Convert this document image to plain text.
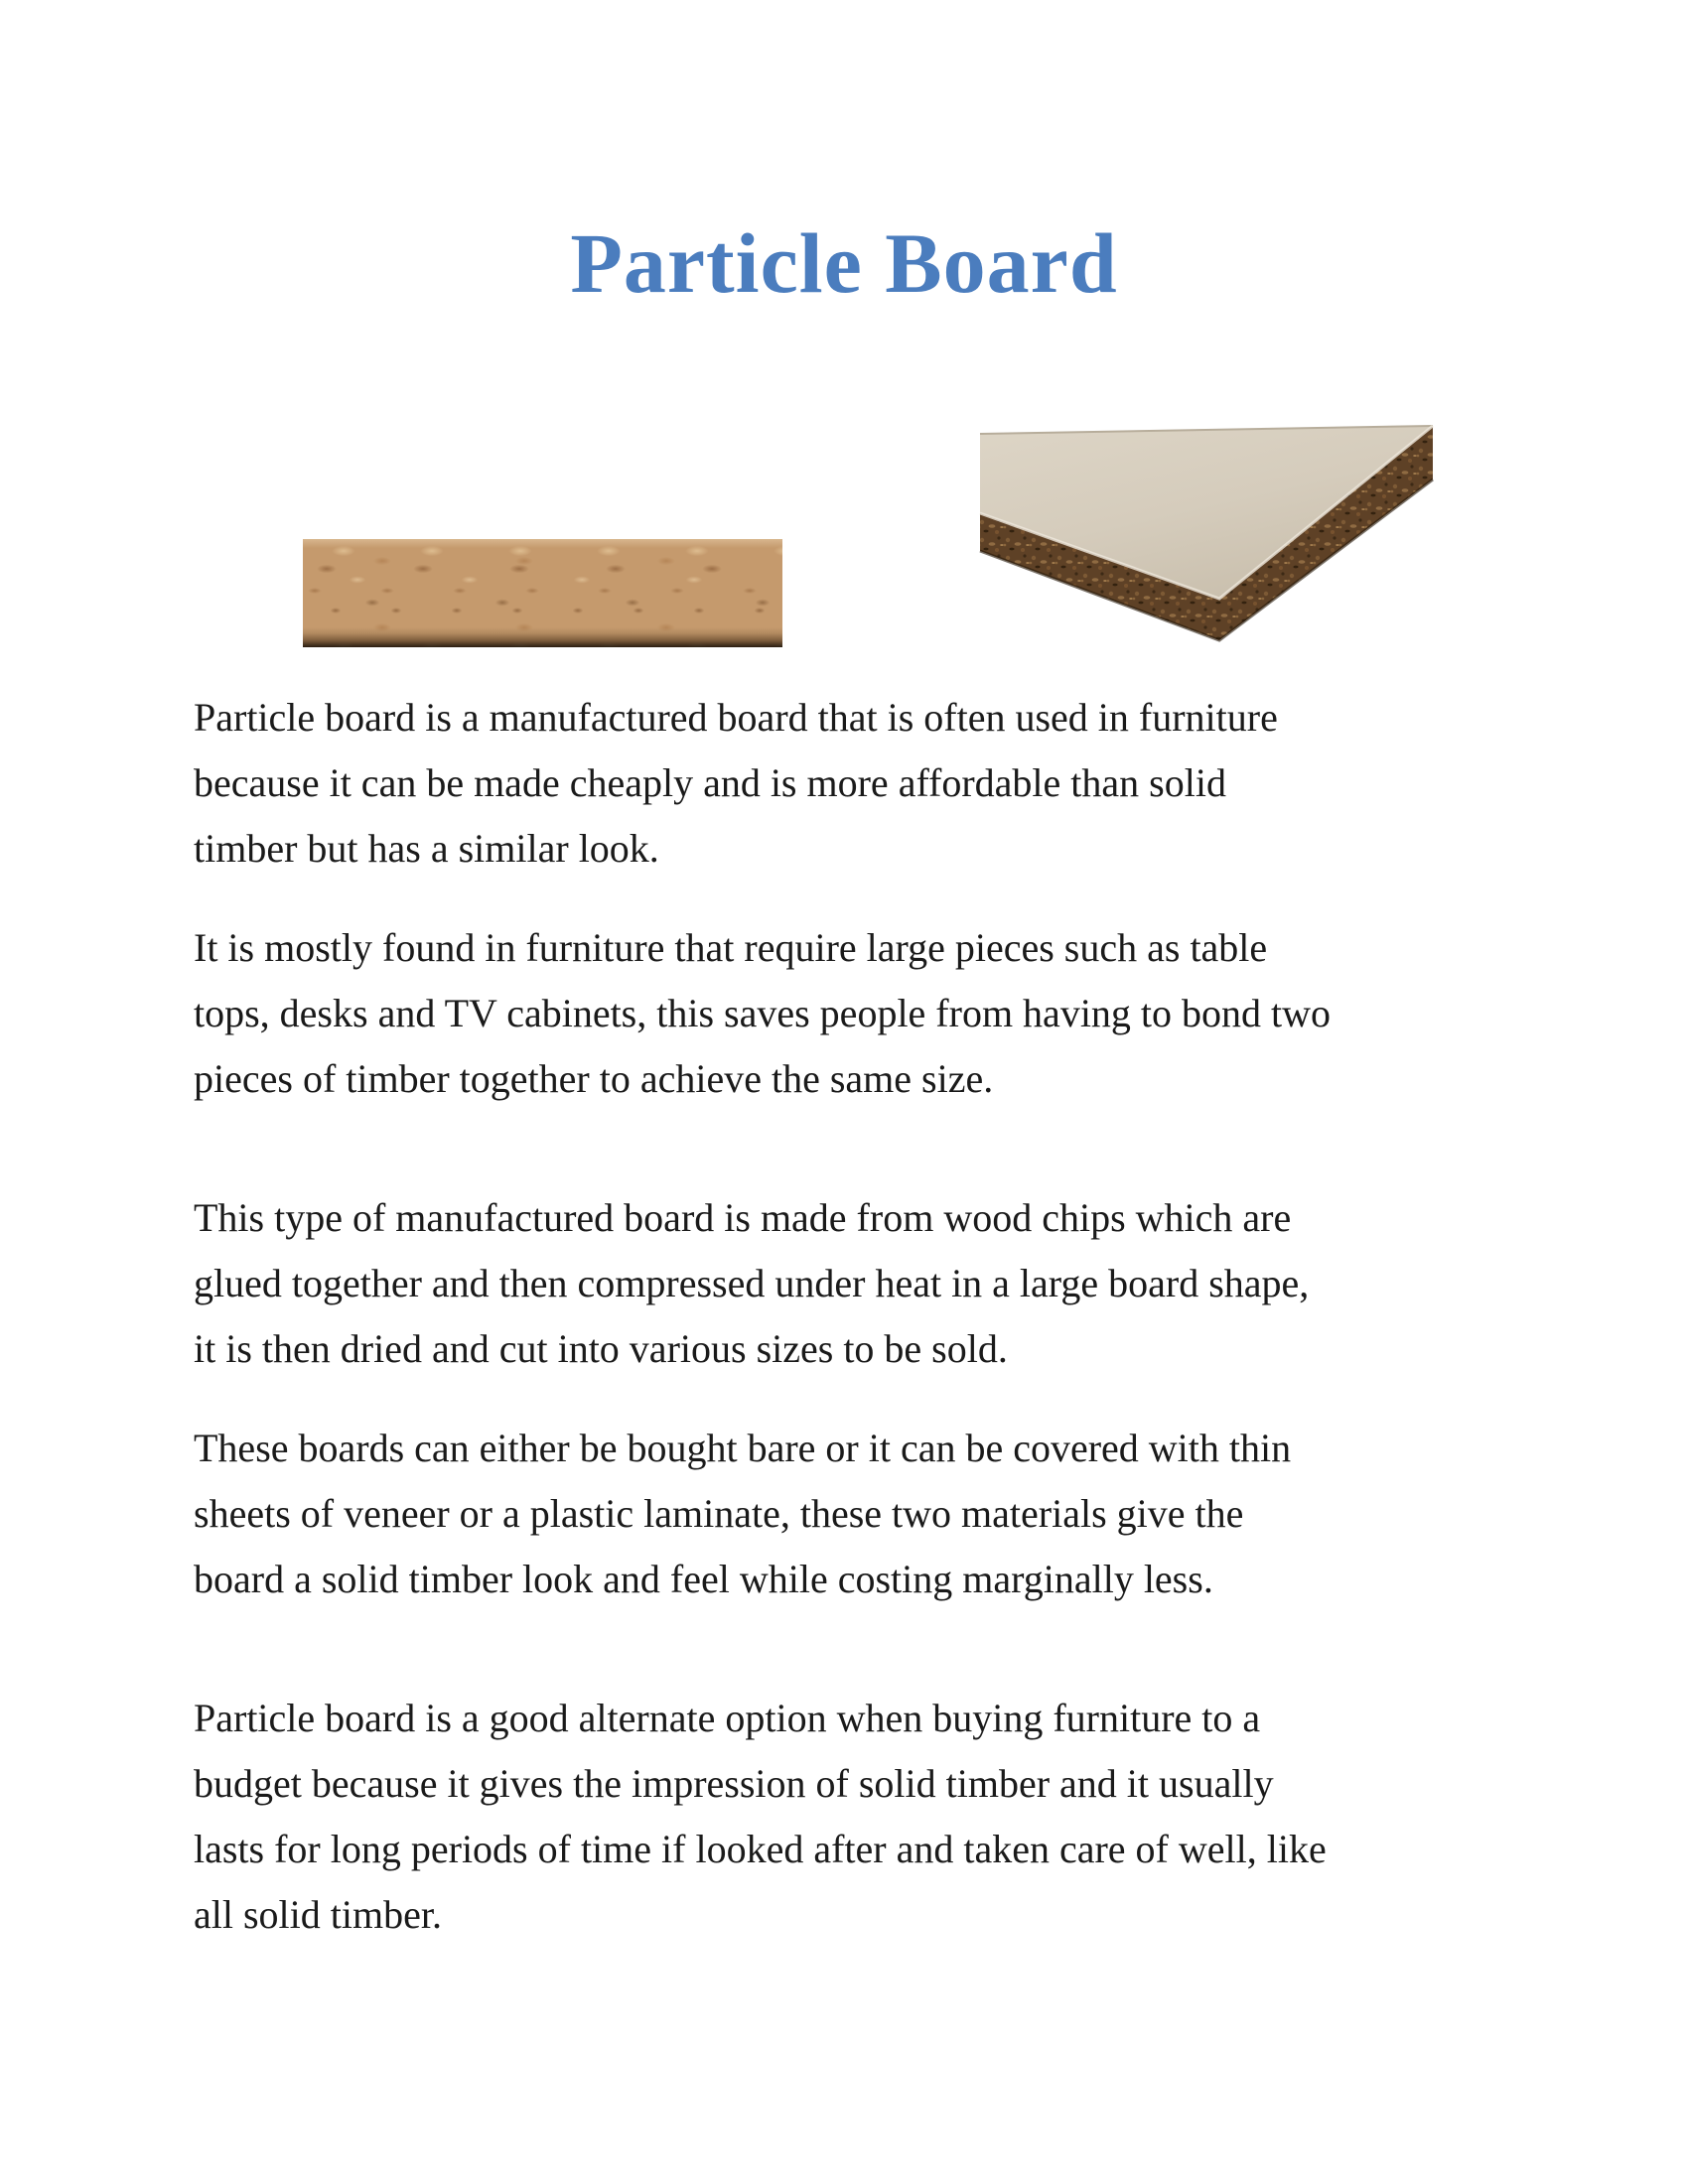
Particle Board

Particle board is a manufactured board that is often used in furniture
because it can be made cheaply and is more affordable than solid
timber but has a similar look.

It is mostly found in furniture that require large pieces such as table
tops, desks and TV cabinets, this saves people from having to bond two
pieces of timber together to achieve the same size.

This type of manufactured board is made from wood chips which are
glued together and then compressed under heat in a large board shape,
it is then dried and cut into various sizes to be sold.

These boards can either be bought bare or it can be covered with thin
sheets of veneer or a plastic laminate, these two materials give the
board a solid timber look and feel while costing marginally less.

Particle board is a good alternate option when buying furniture to a
budget because it gives the impression of solid timber and it usually
lasts for long periods of time if looked after and taken care of well, like
all solid timber.
